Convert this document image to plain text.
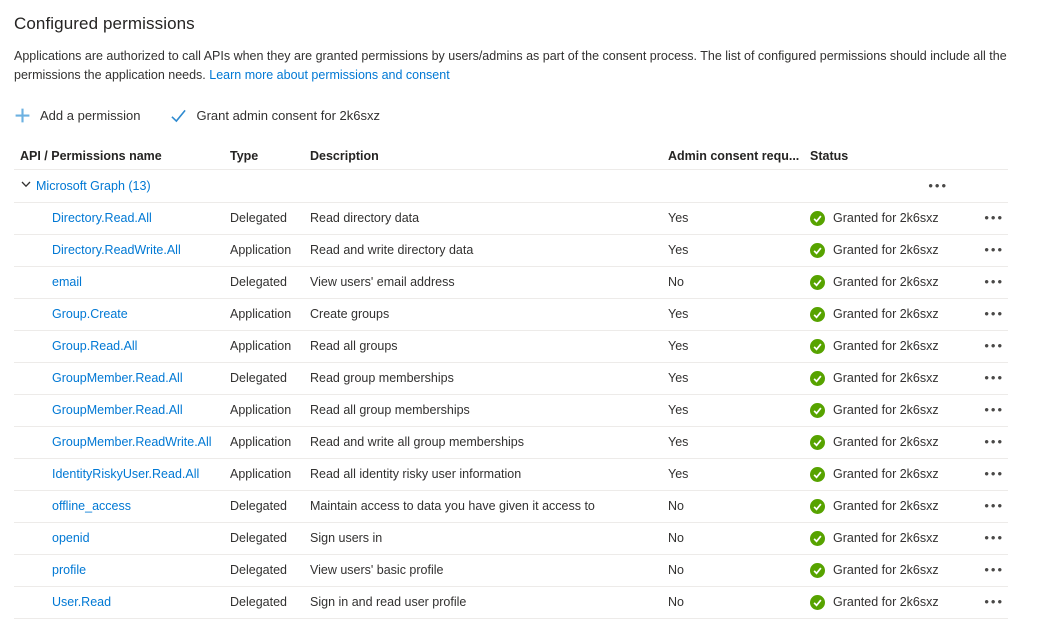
Configured permissions

Applications are authorized to call APIs when they are granted permissions by users/admins as part of the consent process. The list of configured permissions should include all the permissions the application needs. Learn more about permissions and consent

Add a permission	Grant admin consent for 2k6sxz
API / Permissions name	Type	Description	Admin consent requ... Status
Microsoft Graph (13)	•••
Directory.Read.All	Delegated	Read directory data	Yes	Granted for 2k6sxz	•••
Directory.ReadWrite.All	Application	Read and write directory data	Yes	Granted for 2k6sxz	•••
email	Delegated	View users' email address	No	Granted for 2k6sxz	•••
Group.Create	Application	Create groups	Yes	Granted for 2k6sxz	•••
Group.Read.All	Application	Read all groups	Yes	Granted for 2k6sxz	•••
GroupMember.Read.All	Delegated	Read group memberships	Yes	Granted for 2k6sxz	•••
GroupMember.Read.All	Application	Read all group memberships	Yes	Granted for 2k6sxz	•••
GroupMember.ReadWrite.All Application	Read and write all group memberships	Yes	Granted for 2k6sxz	•••
IdentityRiskyUser.Read.All Application	Read all identity risky user information	Yes	Granted for 2k6sxz	•••
offline_access	Delegated	Maintain access to data you have given it access to	No	Granted for 2k6sxz	•••
openid	Delegated	Sign users in	No	Granted for 2k6sxz	•••
profile	Delegated	View users' basic profile	No	Granted for 2k6sxz	•••
User.Read	Delegated	Sign in and read user profile	No	Granted for 2k6sxz	•••
